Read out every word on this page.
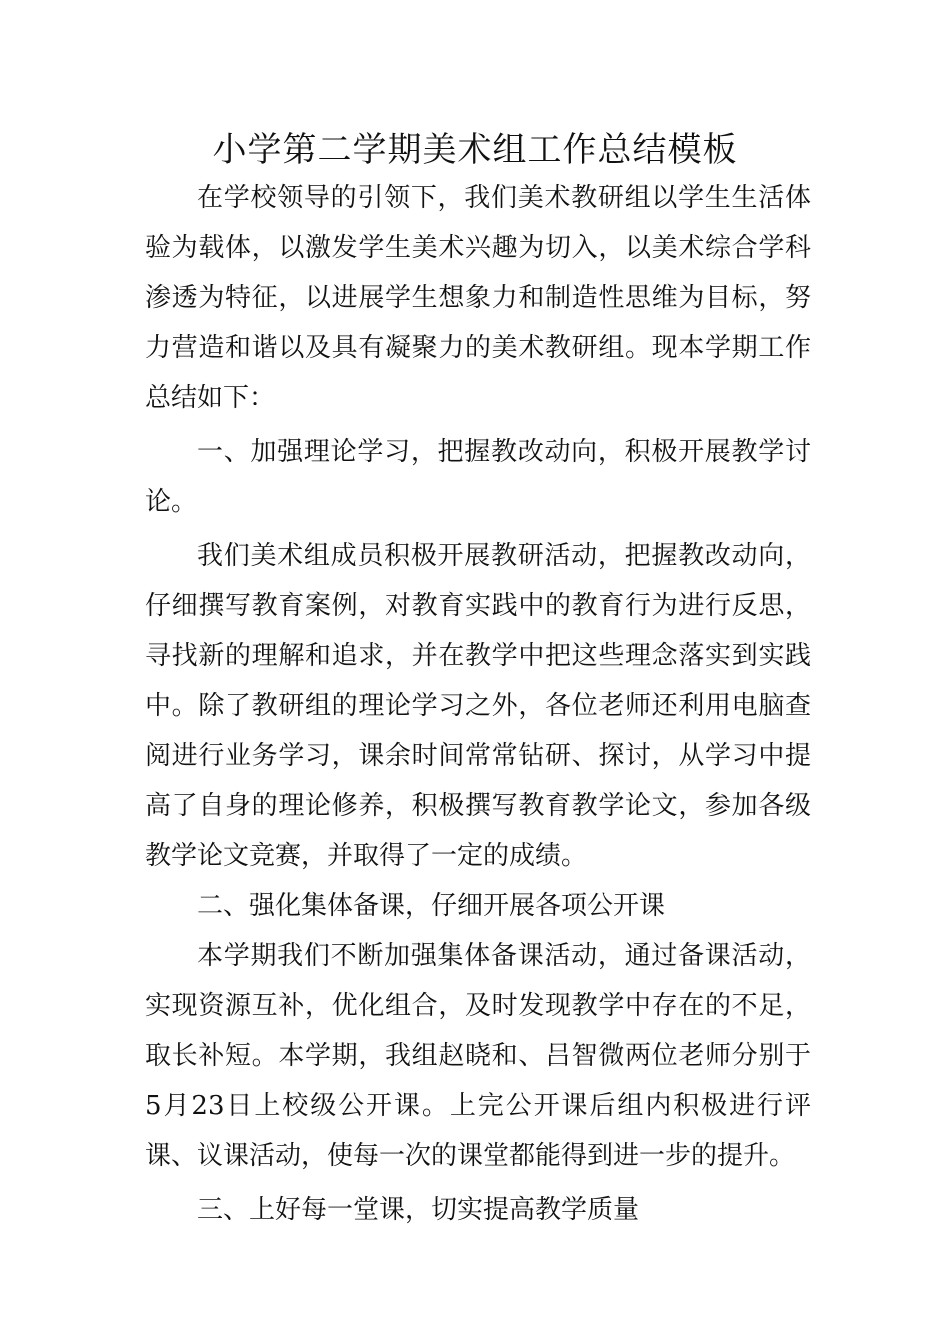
小学第二学期美术组工作总结模板

在学校领导的引领下，我们美术教研组以学生生活体验为载体，以激发学生美术兴趣为切入，以美术综合学科渗透为特征，以进展学生想象力和制造性思维为目标，努力营造和谐以及具有凝聚力的美术教研组。现本学期工作总结如下：

一、加强理论学习，把握教改动向，积极开展教学讨论。

我们美术组成员积极开展教研活动，把握教改动向，仔细撰写教育案例，对教育实践中的教育行为进行反思，寻找新的理解和追求，并在教学中把这些理念落实到实践中。除了教研组的理论学习之外，各位老师还利用电脑查阅进行业务学习，课余时间常常钻研、探讨，从学习中提高了自身的理论修养，积极撰写教育教学论文，参加各级教学论文竞赛，并取得了一定的成绩。

二、强化集体备课，仔细开展各项公开课

本学期我们不断加强集体备课活动，通过备课活动，实现资源互补，优化组合，及时发现教学中存在的不足，取长补短。本学期，我组赵晓和、吕智微两位老师分别于5月23日上校级公开课。上完公开课后组内积极进行评课、议课活动，使每一次的课堂都能得到进一步的提升。

三、上好每一堂课，切实提高教学质量
